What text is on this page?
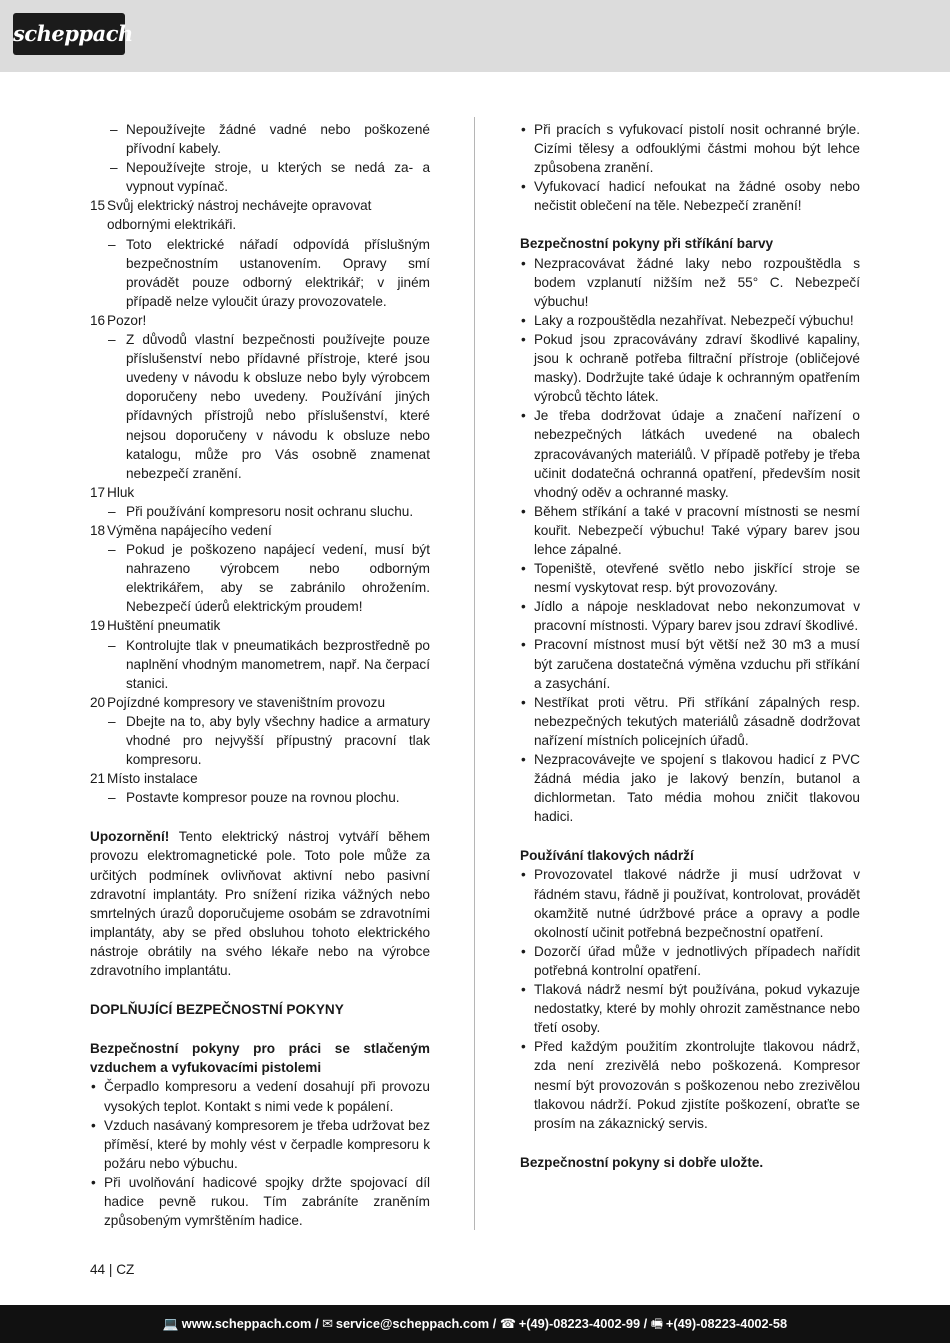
scheppach
– Nepoužívejte žádné vadné nebo poškozené přívodní kabely.
– Nepoužívejte stroje, u kterých se nedá za- a vypnout vypínač.
15 Svůj elektrický nástroj nechávejte opravovat odbornými elektrikáři.
– Toto elektrické nářadí odpovídá příslušným bezpečnostním ustanovením. Opravy smí provádět pouze odborný elektrikář; v jiném případě nelze vyloučit úrazy provozovatele.
16 Pozor!
– Z důvodů vlastní bezpečnosti používejte pouze příslušenství nebo přídavné přístroje, které jsou uvedeny v návodu k obsluze nebo byly výrobcem doporučeny nebo uvedeny. Používání jiných přídavných přístrojů nebo příslušenství, které nejsou doporučeny v návodu k obsluze nebo katalogu, může pro Vás osobně znamenat nebezpečí zranění.
17 Hluk
– Při používání kompresoru nosit ochranu sluchu.
18 Výměna napájecího vedení
– Pokud je poškozeno napájecí vedení, musí být nahrazeno výrobcem nebo odborným elektrikářem, aby se zabránilo ohrožením. Nebezpečí úderů elektrickým proudem!
19 Huštění pneumatik
– Kontrolujte tlak v pneumatikách bezprostředně po naplnění vhodným manometrem, např. Na čerpací stanici.
20 Pojízdné kompresory ve staveništním provozu
– Dbejte na to, aby byly všechny hadice a armatury vhodné pro nejvyšší přípustný pracovní tlak kompresoru.
21 Místo instalace
– Postavte kompresor pouze na rovnou plochu.
Upozornění! Tento elektrický nástroj vytváří během provozu elektromagnetické pole. Toto pole může za určitých podmínek ovlivňovat aktivní nebo pasivní zdravotní implantáty. Pro snížení rizika vážných nebo smrtelných úrazů doporučujeme osobám se zdravotními implantáty, aby se před obsluhou tohoto elektrického nástroje obrátily na svého lékaře nebo na výrobce zdravotního implantátu.
DOPLŇUJÍCÍ BEZPEČNOSTNÍ POKYNY
Bezpečnostní pokyny pro práci se stlačeným vzduchem a vyfukovacími pistolemi
• Čerpadlo kompresoru a vedení dosahují při provozu vysokých teplot. Kontakt s nimi vede k popálení.
• Vzduch nasávaný kompresorem je třeba udržovat bez příměsí, které by mohly vést v čerpadle kompresoru k požáru nebo výbuchu.
• Při uvolňování hadicové spojky držte spojovací díl hadice pevně rukou. Tím zabráníte zraněním způsobeným vymrštěním hadice.
• Při pracích s vyfukovací pistolí nosit ochranné brýle. Cizími tělesy a odfouklými částmi mohou být lehce způsobena zranění.
• Vyfukovací hadicí nefoukat na žádné osoby nebo nečistit oblečení na těle. Nebezpečí zranění!
Bezpečnostní pokyny při stříkání barvy
• Nezpracovávat žádné laky nebo rozpouštědla s bodem vzplanutí nižším než 55° C. Nebezpečí výbuchu!
• Laky a rozpouštědla nezahřívat. Nebezpečí výbuchu!
• Pokud jsou zpracovávány zdraví škodlivé kapaliny, jsou k ochraně potřeba filtrační přístroje (obličejové masky). Dodržujte také údaje k ochranným opatřením výrobců těchto látek.
• Je třeba dodržovat údaje a značení nařízení o nebezpečných látkách uvedené na obalech zpracovávaných materiálů. V případě potřeby je třeba učinit dodatečná ochranná opatření, především nosit vhodný oděv a ochranné masky.
• Během stříkání a také v pracovní místnosti se nesmí kouřit. Nebezpečí výbuchu! Také výpary barev jsou lehce zápalné.
• Topeniště, otevřené světlo nebo jiskřící stroje se nesmí vyskytovat resp. být provozovány.
• Jídlo a nápoje neskladovat nebo nekonzumovat v pracovní místnosti. Výpary barev jsou zdraví škodlivé.
• Pracovní místnost musí být větší než 30 m3 a musí být zaručena dostatečná výměna vzduchu při stříkání a zasychání.
• Nestříkat proti větru. Při stříkání zápalných resp. nebezpečných tekutých materiálů zásadně dodržovat nařízení místních policejních úřadů.
• Nezpracovávejte ve spojení s tlakovou hadicí z PVC žádná média jako je lakový benzín, butanol a dichlormetan. Tato média mohou zničit tlakovou hadici.
Používání tlakových nádrží
• Provozovatel tlakové nádrže ji musí udržovat v řádném stavu, řádně ji používat, kontrolovat, provádět okamžitě nutné údržbové práce a opravy a podle okolností učinit potřebná bezpečnostní opatření.
• Dozorčí úřad může v jednotlivých případech nařídit potřebná kontrolní opatření.
• Tlaková nádrž nesmí být používána, pokud vykazuje nedostatky, které by mohly ohrozit zaměstnance nebo třetí osoby.
• Před každým použitím zkontrolujte tlakovou nádrž, zda není zrezivělá nebo poškozená. Kompresor nesmí být provozován s poškozenou nebo zrezivělou tlakovou nádrží. Pokud zjistíte poškození, obraťte se prosím na zákaznický servis.
Bezpečnostní pokyny si dobře uložte.
44 | CZ
💻 www.scheppach.com / ✉ service@scheppach.com / ☎ +(49)-08223-4002-99 / 🖷 +(49)-08223-4002-58
